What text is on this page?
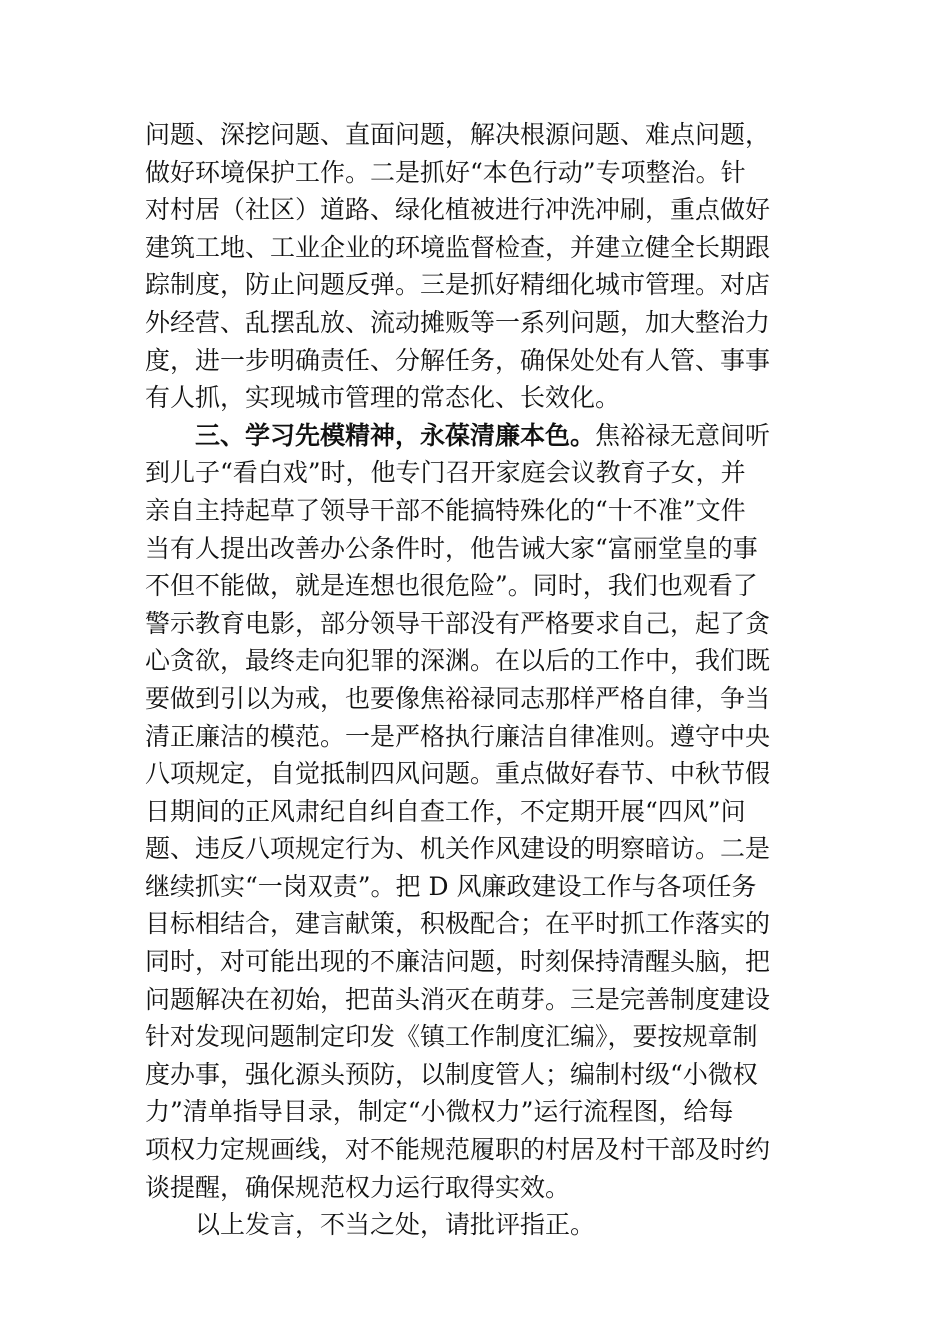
问题、深挖问题、直面问题，解决根源问题、难点问题，
做好环境保护工作。二是抓好“本色行动”专项整治。针
对村居（社区）道路、绿化植被进行冲洗冲刷，重点做好
建筑工地、工业企业的环境监督检查，并建立健全长期跟
踪制度，防止问题反弹。三是抓好精细化城市管理。对店
外经营、乱摆乱放、流动摊贩等一系列问题，加大整治力
度，进一步明确责任、分解任务，确保处处有人管、事事
有人抓，实现城市管理的常态化、长效化。
三、学习先模精神，永葆清廉本色。焦裕禄无意间听
到儿子“看白戏”时，他专门召开家庭会议教育子女，并
亲自主持起草了领导干部不能搞特殊化的“十不准”文件
当有人提出改善办公条件时，他告诫大家“富丽堂皇的事
不但不能做，就是连想也很危险”。同时，我们也观看了
警示教育电影，部分领导干部没有严格要求自己，起了贪
心贪欲，最终走向犯罪的深渊。在以后的工作中，我们既
要做到引以为戒，也要像焦裕禄同志那样严格自律，争当
清正廉洁的模范。一是严格执行廉洁自律准则。遵守中央
八项规定，自觉抵制四风问题。重点做好春节、中秋节假
日期间的正风肃纪自纠自查工作，不定期开展“四风”问
题、违反八项规定行为、机关作风建设的明察暗访。二是
继续抓实“一岗双责”。把 D 风廉政建设工作与各项任务
目标相结合，建言献策，积极配合；在平时抓工作落实的
同时，对可能出现的不廉洁问题，时刻保持清醒头脑，把
问题解决在初始，把苗头消灭在萌芽。三是完善制度建设
针对发现问题制定印发《镇工作制度汇编》，要按规章制
度办事，强化源头预防，以制度管人；编制村级“小微权
力”清单指导目录，制定“小微权力”运行流程图，给每
项权力定规画线，对不能规范履职的村居及村干部及时约
谈提醒，确保规范权力运行取得实效。
以上发言，不当之处，请批评指正。
